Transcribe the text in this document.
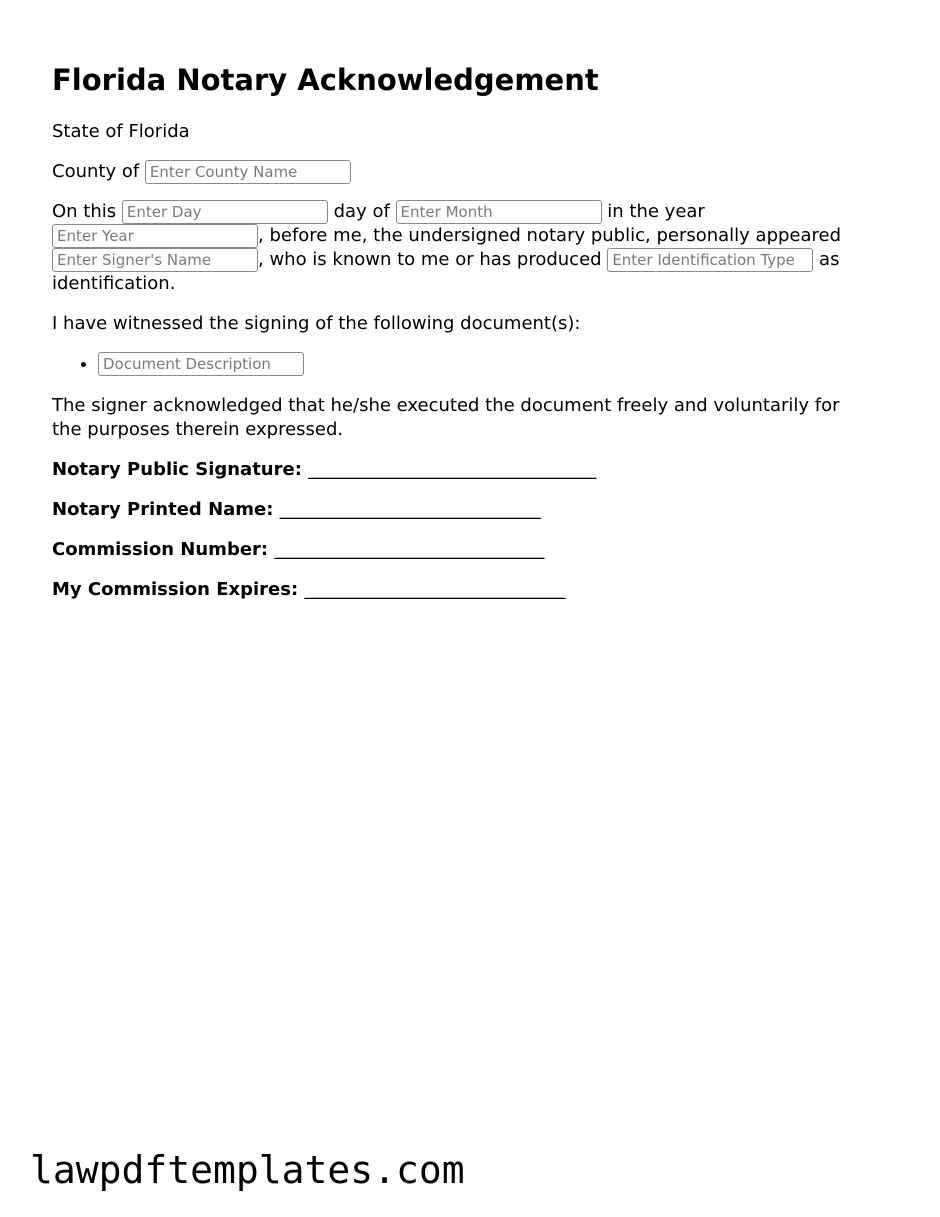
Florida Notary Acknowledgement

State of Florida

County of Enter County Name

On this Enter Day	day of Enter Month	in the year
Enter Year, before me, the undersigned notary public, personally appeared
Enter Signer's Name, who is known to me or has produced Enter Identification Type	as identification.

I have witnessed the signing of the following document(s):

• Document Description

The signer acknowledged that he/she executed the document freely and voluntarily for the purposes therein expressed.

Notary Public Signature: ________________________________

Notary Printed Name: _____________________________

Commission Number: ______________________________

My Commission Expires: _____________________________

lawpdftemplates.com
